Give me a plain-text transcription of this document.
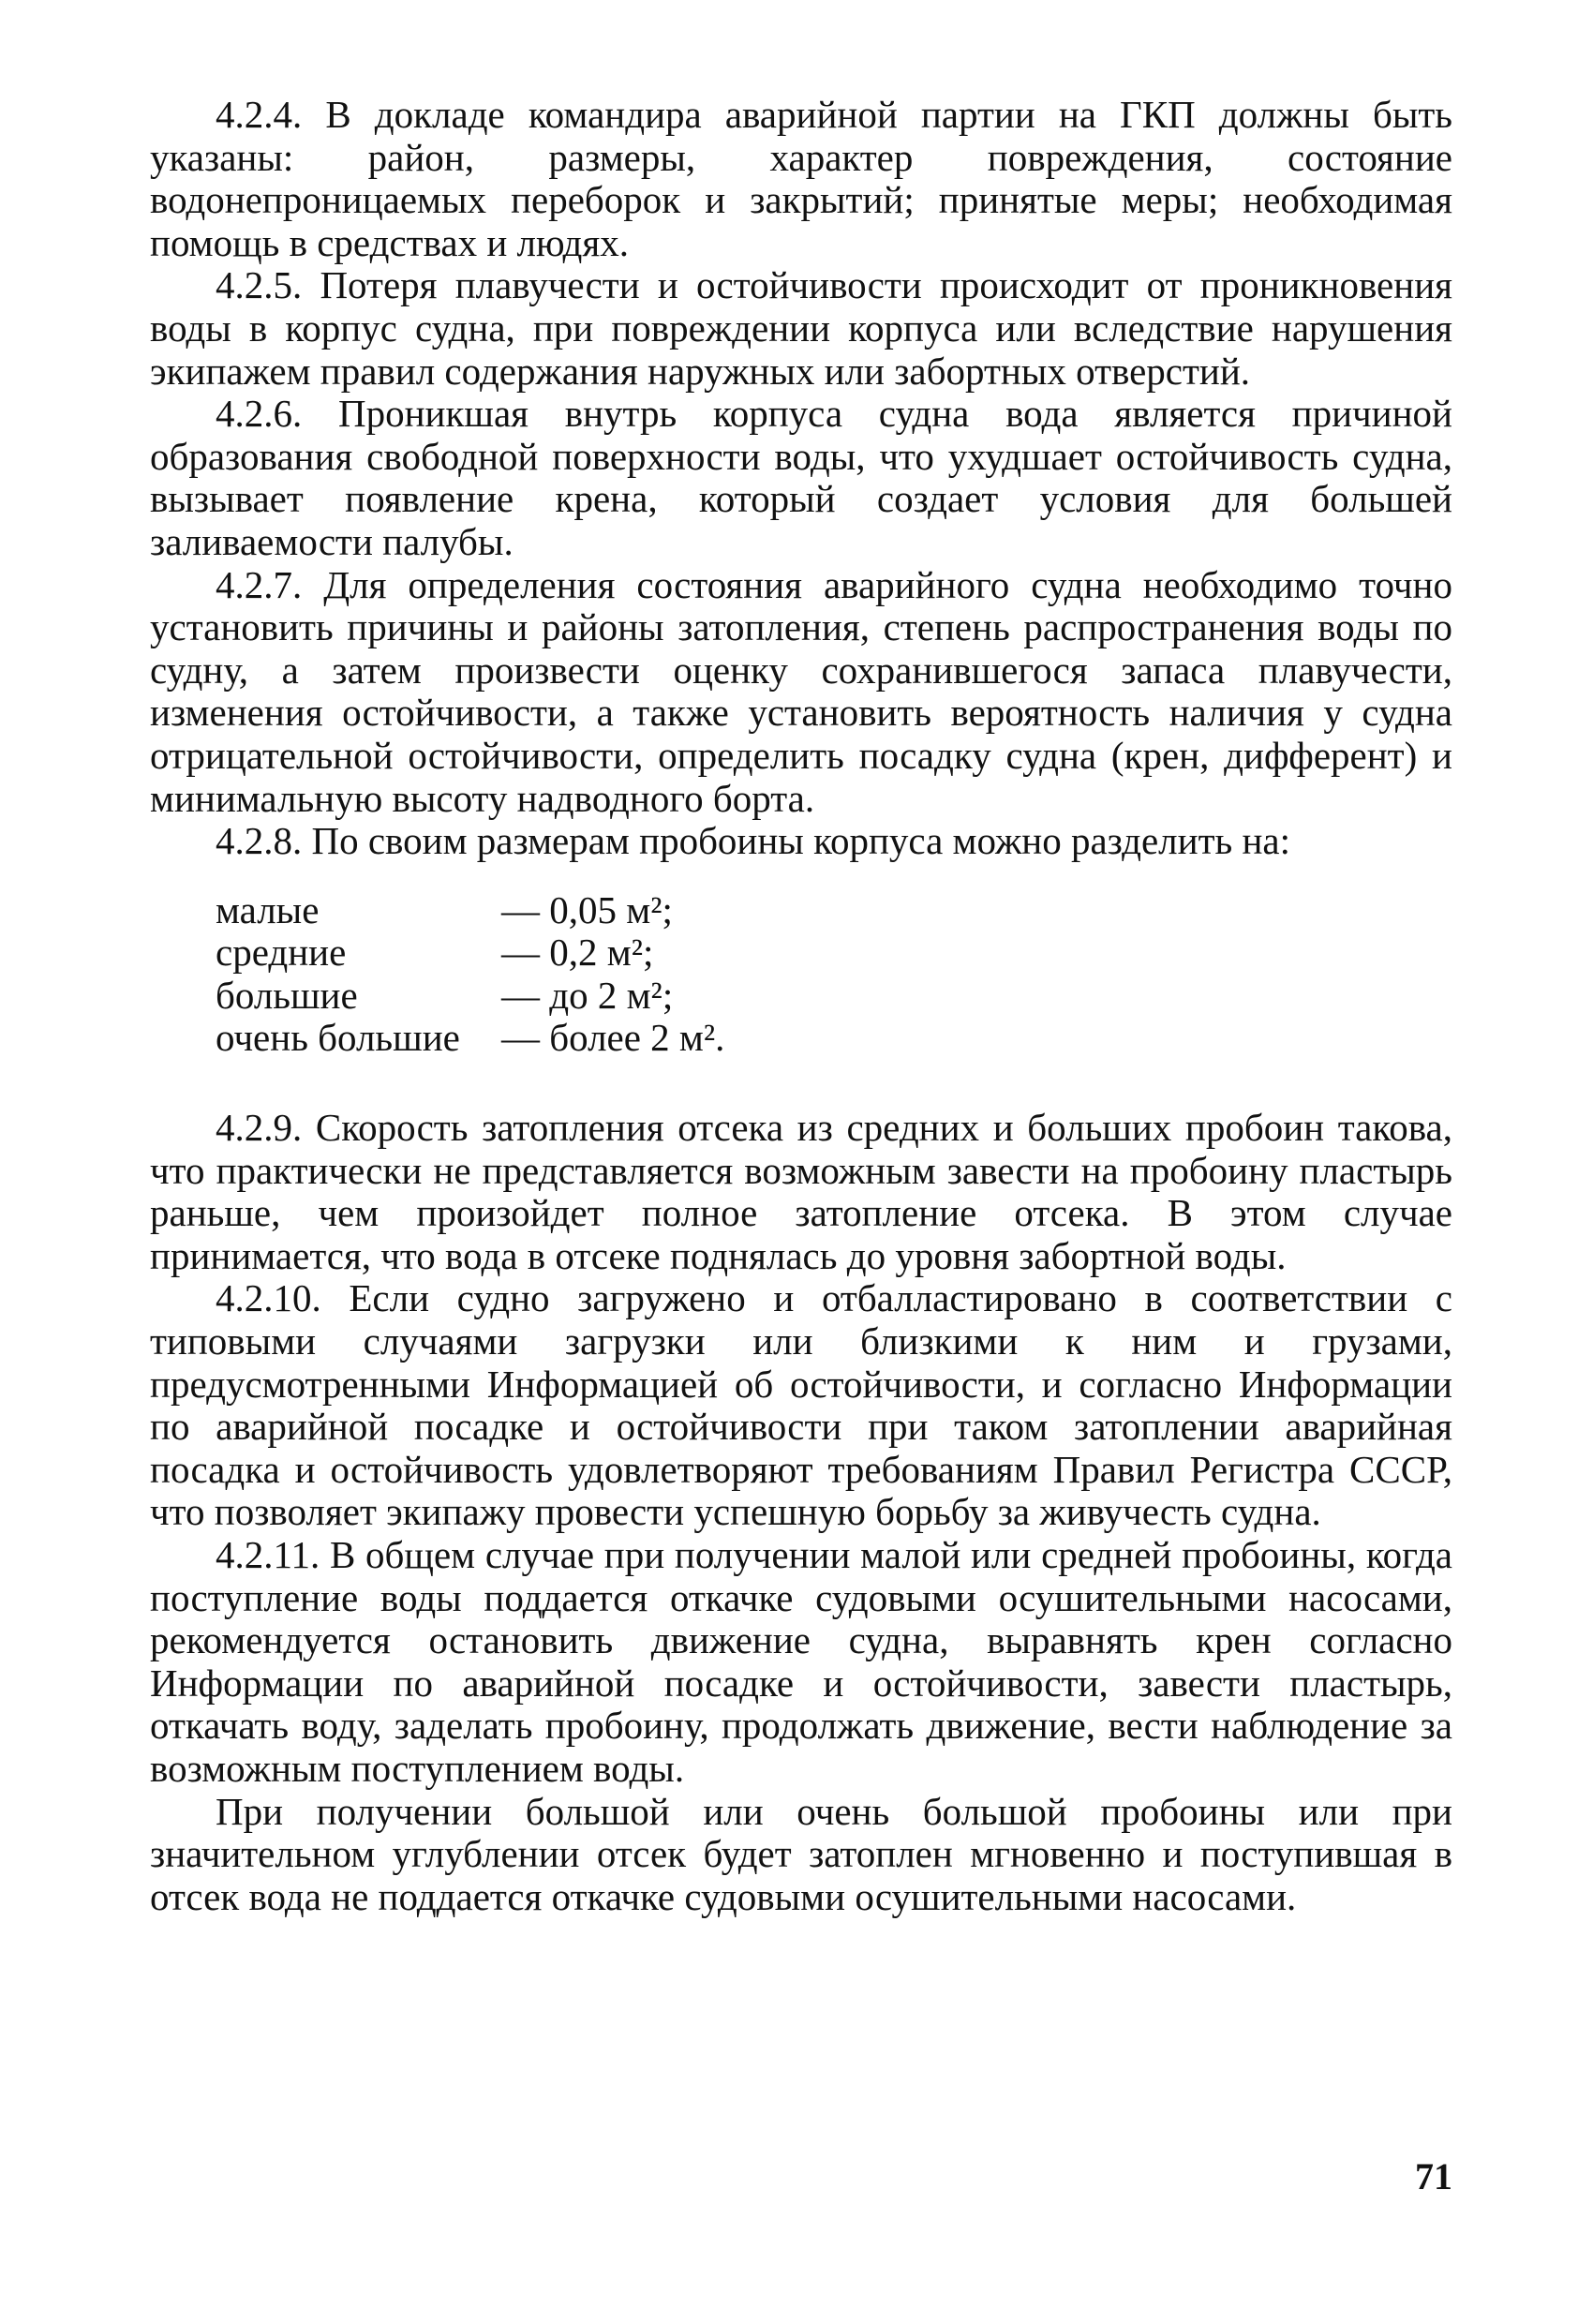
4.2.4. В докладе командира аварийной партии на ГКП должны быть указаны: район, размеры, характер повреждения, состояние водонепроницаемых переборок и закрытий; принятые меры; необходимая помощь в средствах и людях.

4.2.5. Потеря плавучести и остойчивости происходит от проникновения воды в корпус судна, при повреждении корпуса или вследствие нарушения экипажем правил содержания наружных или забортных отверстий.

4.2.6. Проникшая внутрь корпуса судна вода является причиной образования свободной поверхности воды, что ухудшает остойчивость судна, вызывает появление крена, который создает условия для большей заливаемости палубы.

4.2.7. Для определения состояния аварийного судна необходимо точно установить причины и районы затопления, степень распространения воды по судну, а затем произвести оценку сохранившегося запаса плавучести, изменения остойчивости, а также установить вероятность наличия у судна отрицательной остойчивости, определить посадку судна (крен, дифферент) и минимальную высоту надводного борта.

4.2.8. По своим размерам пробоины корпуса можно разделить на:

малые	— 0,05 м²;
средние	— 0,2 м²;
большие	— до 2 м²;
очень большие	— более 2 м².

4.2.9. Скорость затопления отсека из средних и больших пробоин такова, что практически не представляется возможным завести на пробоину пластырь раньше, чем произойдет полное затопление отсека. В этом случае принимается, что вода в отсеке поднялась до уровня забортной воды.

4.2.10. Если судно загружено и отбалластировано в соответствии с типовыми случаями загрузки или близкими к ним и грузами, предусмотренными Информацией об остойчивости, и согласно Информации по аварийной посадке и остойчивости при таком затоплении аварийная посадка и остойчивость удовлетворяют требованиям Правил Регистра СССР, что позволяет экипажу провести успешную борьбу за живучесть судна.

4.2.11. В общем случае при получении малой или средней пробоины, когда поступление воды поддается откачке судовыми осушительными насосами, рекомендуется остановить движение судна, выравнять крен согласно Информации по аварийной посадке и остойчивости, завести пластырь, откачать воду, заделать пробоину, продолжать движение, вести наблюдение за возможным поступлением воды.

При получении большой или очень большой пробоины или при значительном углублении отсек будет затоплен мгновенно и поступившая в отсек вода не поддается откачке судовыми осушительными насосами.

71
